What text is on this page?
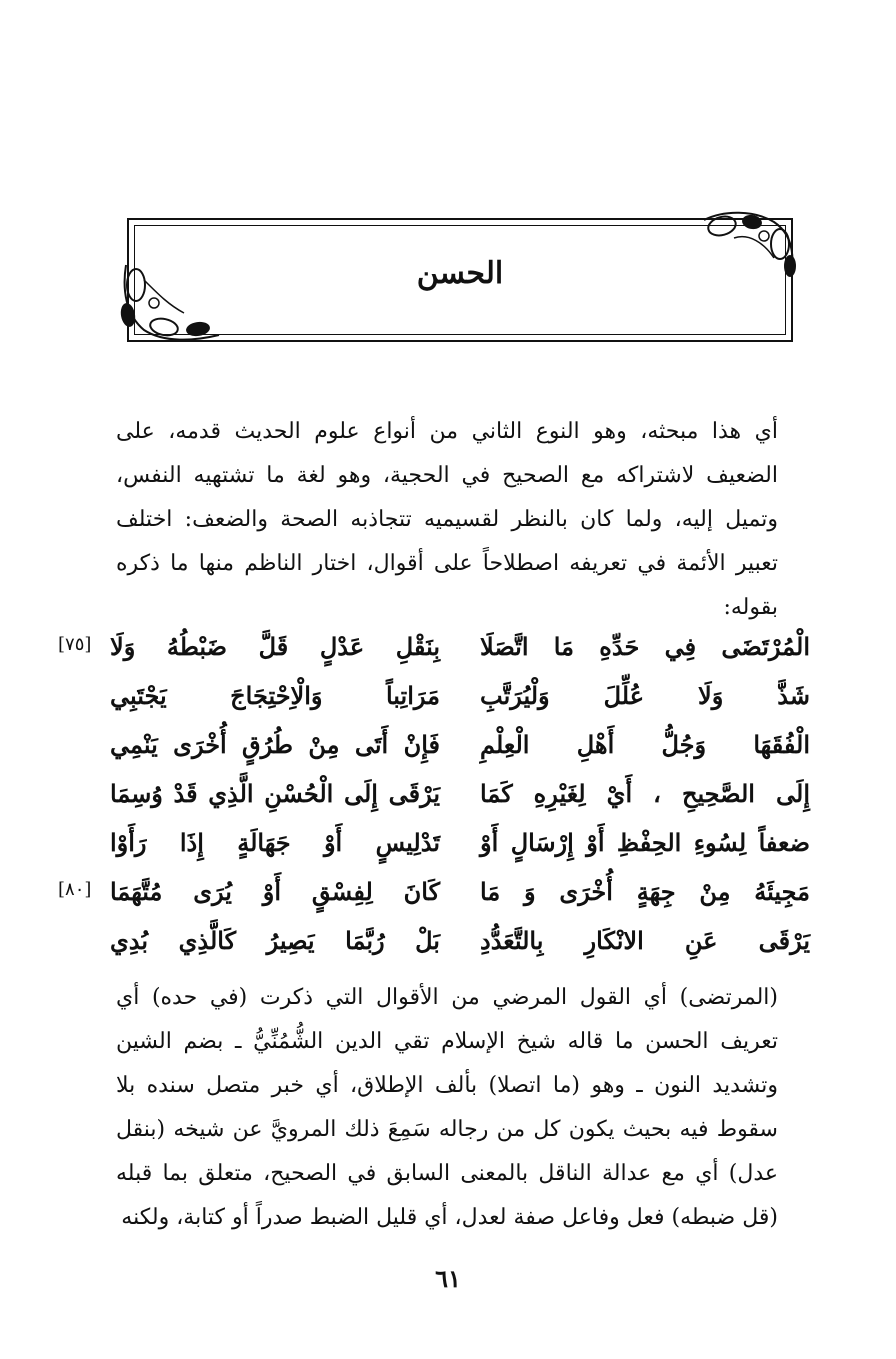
الحسن

أي هذا مبحثه، وهو النوع الثاني من أنواع علوم الحديث قدمه، على الضعيف لاشتراكه مع الصحيح في الحجية، وهو لغة ما تشتهيه النفس، وتميل إليه، ولما كان بالنظر لقسيميه تتجاذبه الصحة والضعف: اختلف تعبير الأئمة في تعريفه اصطلاحاً على أقوال، اختار الناظم منها ما ذكره بقوله:

الْمُرْتَضَى فِي حَدِّهِ مَا اتَّصَلَا
بِنَقْلِ عَدْلٍ قَلَّ ضَبْطُهُ وَلَا
شَذَّ وَلَا عُلِّلَ وَلْيُرَتَّبِ
مَرَاتِباً وَالْاِحْتِجَاجَ يَجْتَبِي
الْفُقَهَا وَجُلُّ أَهْلِ الْعِلْمِ
فَإِنْ أَتَى مِنْ طُرُقٍ أُخْرَى يَنْمِي
إِلَى الصَّحِيحِ ، أَيْ لِغَيْرِهِ كَمَا
يَرْقَى إِلَى الْحُسْنِ الَّذِي قَدْ وُسِمَا
ضعفاً لِسُوءِ الحِفْظِ أَوْ إِرْسَالٍ أَوْ
تَدْلِيسٍ أَوْ جَهَالَةٍ إِذَا رَأَوْا
مَجِيئَهُ مِنْ جِهَةٍ أُخْرَى وَ مَا
كَانَ لِفِسْقٍ أَوْ يُرَى مُتَّهَمَا
يَرْقَى عَنِ الانْكَارِ بِالتَّعَدُّدِ
بَلْ رُبَّمَا يَصِيرُ كَالَّذِي بُدِي
[٧٥]
[٨٠]

(المرتضى) أي القول المرضي من الأقوال التي ذكرت (في حده) أي تعريف الحسن ما قاله شيخ الإسلام تقي الدين الشُّمُنِّيُّ ـ بضم الشين وتشديد النون ـ وهو (ما اتصلا) بألف الإطلاق، أي خبر متصل سنده بلا سقوط فيه بحيث يكون كل من رجاله سَمِعَ ذلك المرويَّ عن شيخه (بنقل عدل) أي مع عدالة الناقل بالمعنى السابق في الصحيح، متعلق بما قبله (قل ضبطه) فعل وفاعل صفة لعدل، أي قليل الضبط صدراً أو كتابة، ولكنه

٦١
